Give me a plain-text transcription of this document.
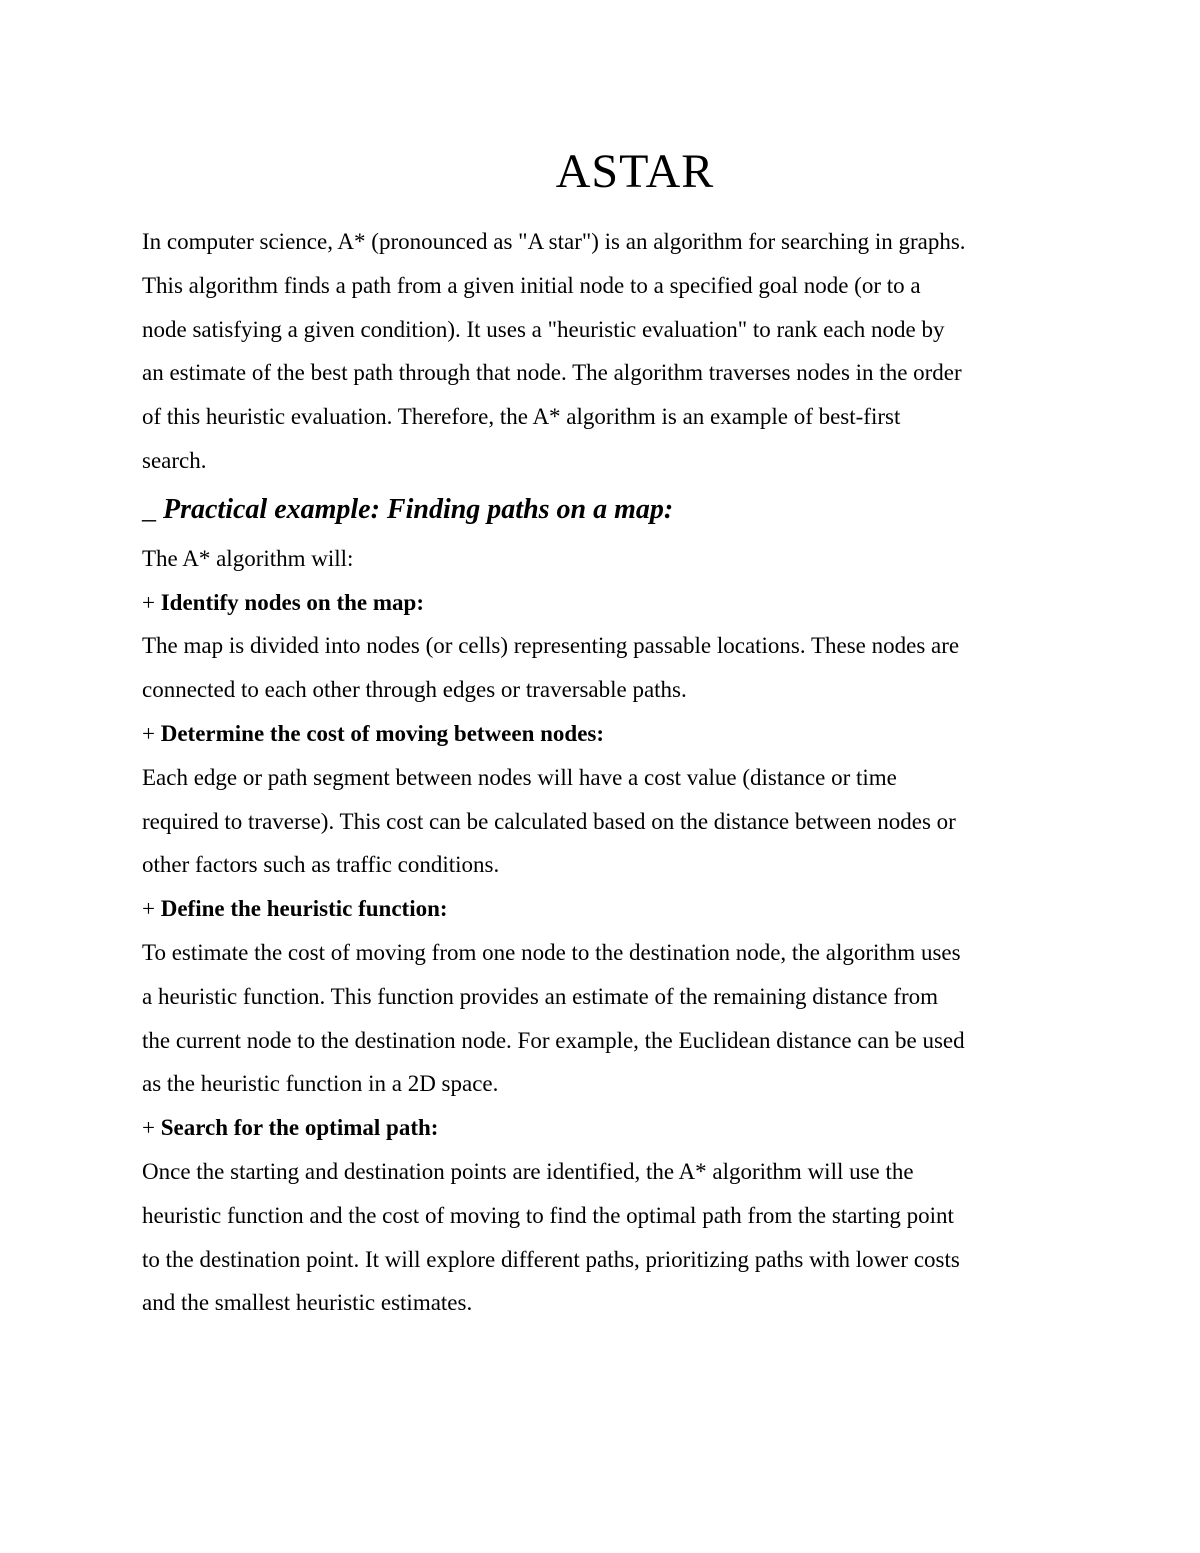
ASTAR

In computer science, A* (pronounced as "A star") is an algorithm for searching in graphs.
This algorithm finds a path from a given initial node to a specified goal node (or to a
node satisfying a given condition). It uses a "heuristic evaluation" to rank each node by
an estimate of the best path through that node. The algorithm traverses nodes in the order
of this heuristic evaluation. Therefore, the A* algorithm is an example of best-first
search.

_ Practical example: Finding paths on a map:

The A* algorithm will:

+ Identify nodes on the map:

The map is divided into nodes (or cells) representing passable locations. These nodes are
connected to each other through edges or traversable paths.

+ Determine the cost of moving between nodes:

Each edge or path segment between nodes will have a cost value (distance or time
required to traverse). This cost can be calculated based on the distance between nodes or
other factors such as traffic conditions.

+ Define the heuristic function:

To estimate the cost of moving from one node to the destination node, the algorithm uses
a heuristic function. This function provides an estimate of the remaining distance from
the current node to the destination node. For example, the Euclidean distance can be used
as the heuristic function in a 2D space.

+ Search for the optimal path:

Once the starting and destination points are identified, the A* algorithm will use the
heuristic function and the cost of moving to find the optimal path from the starting point
to the destination point. It will explore different paths, prioritizing paths with lower costs
and the smallest heuristic estimates.
